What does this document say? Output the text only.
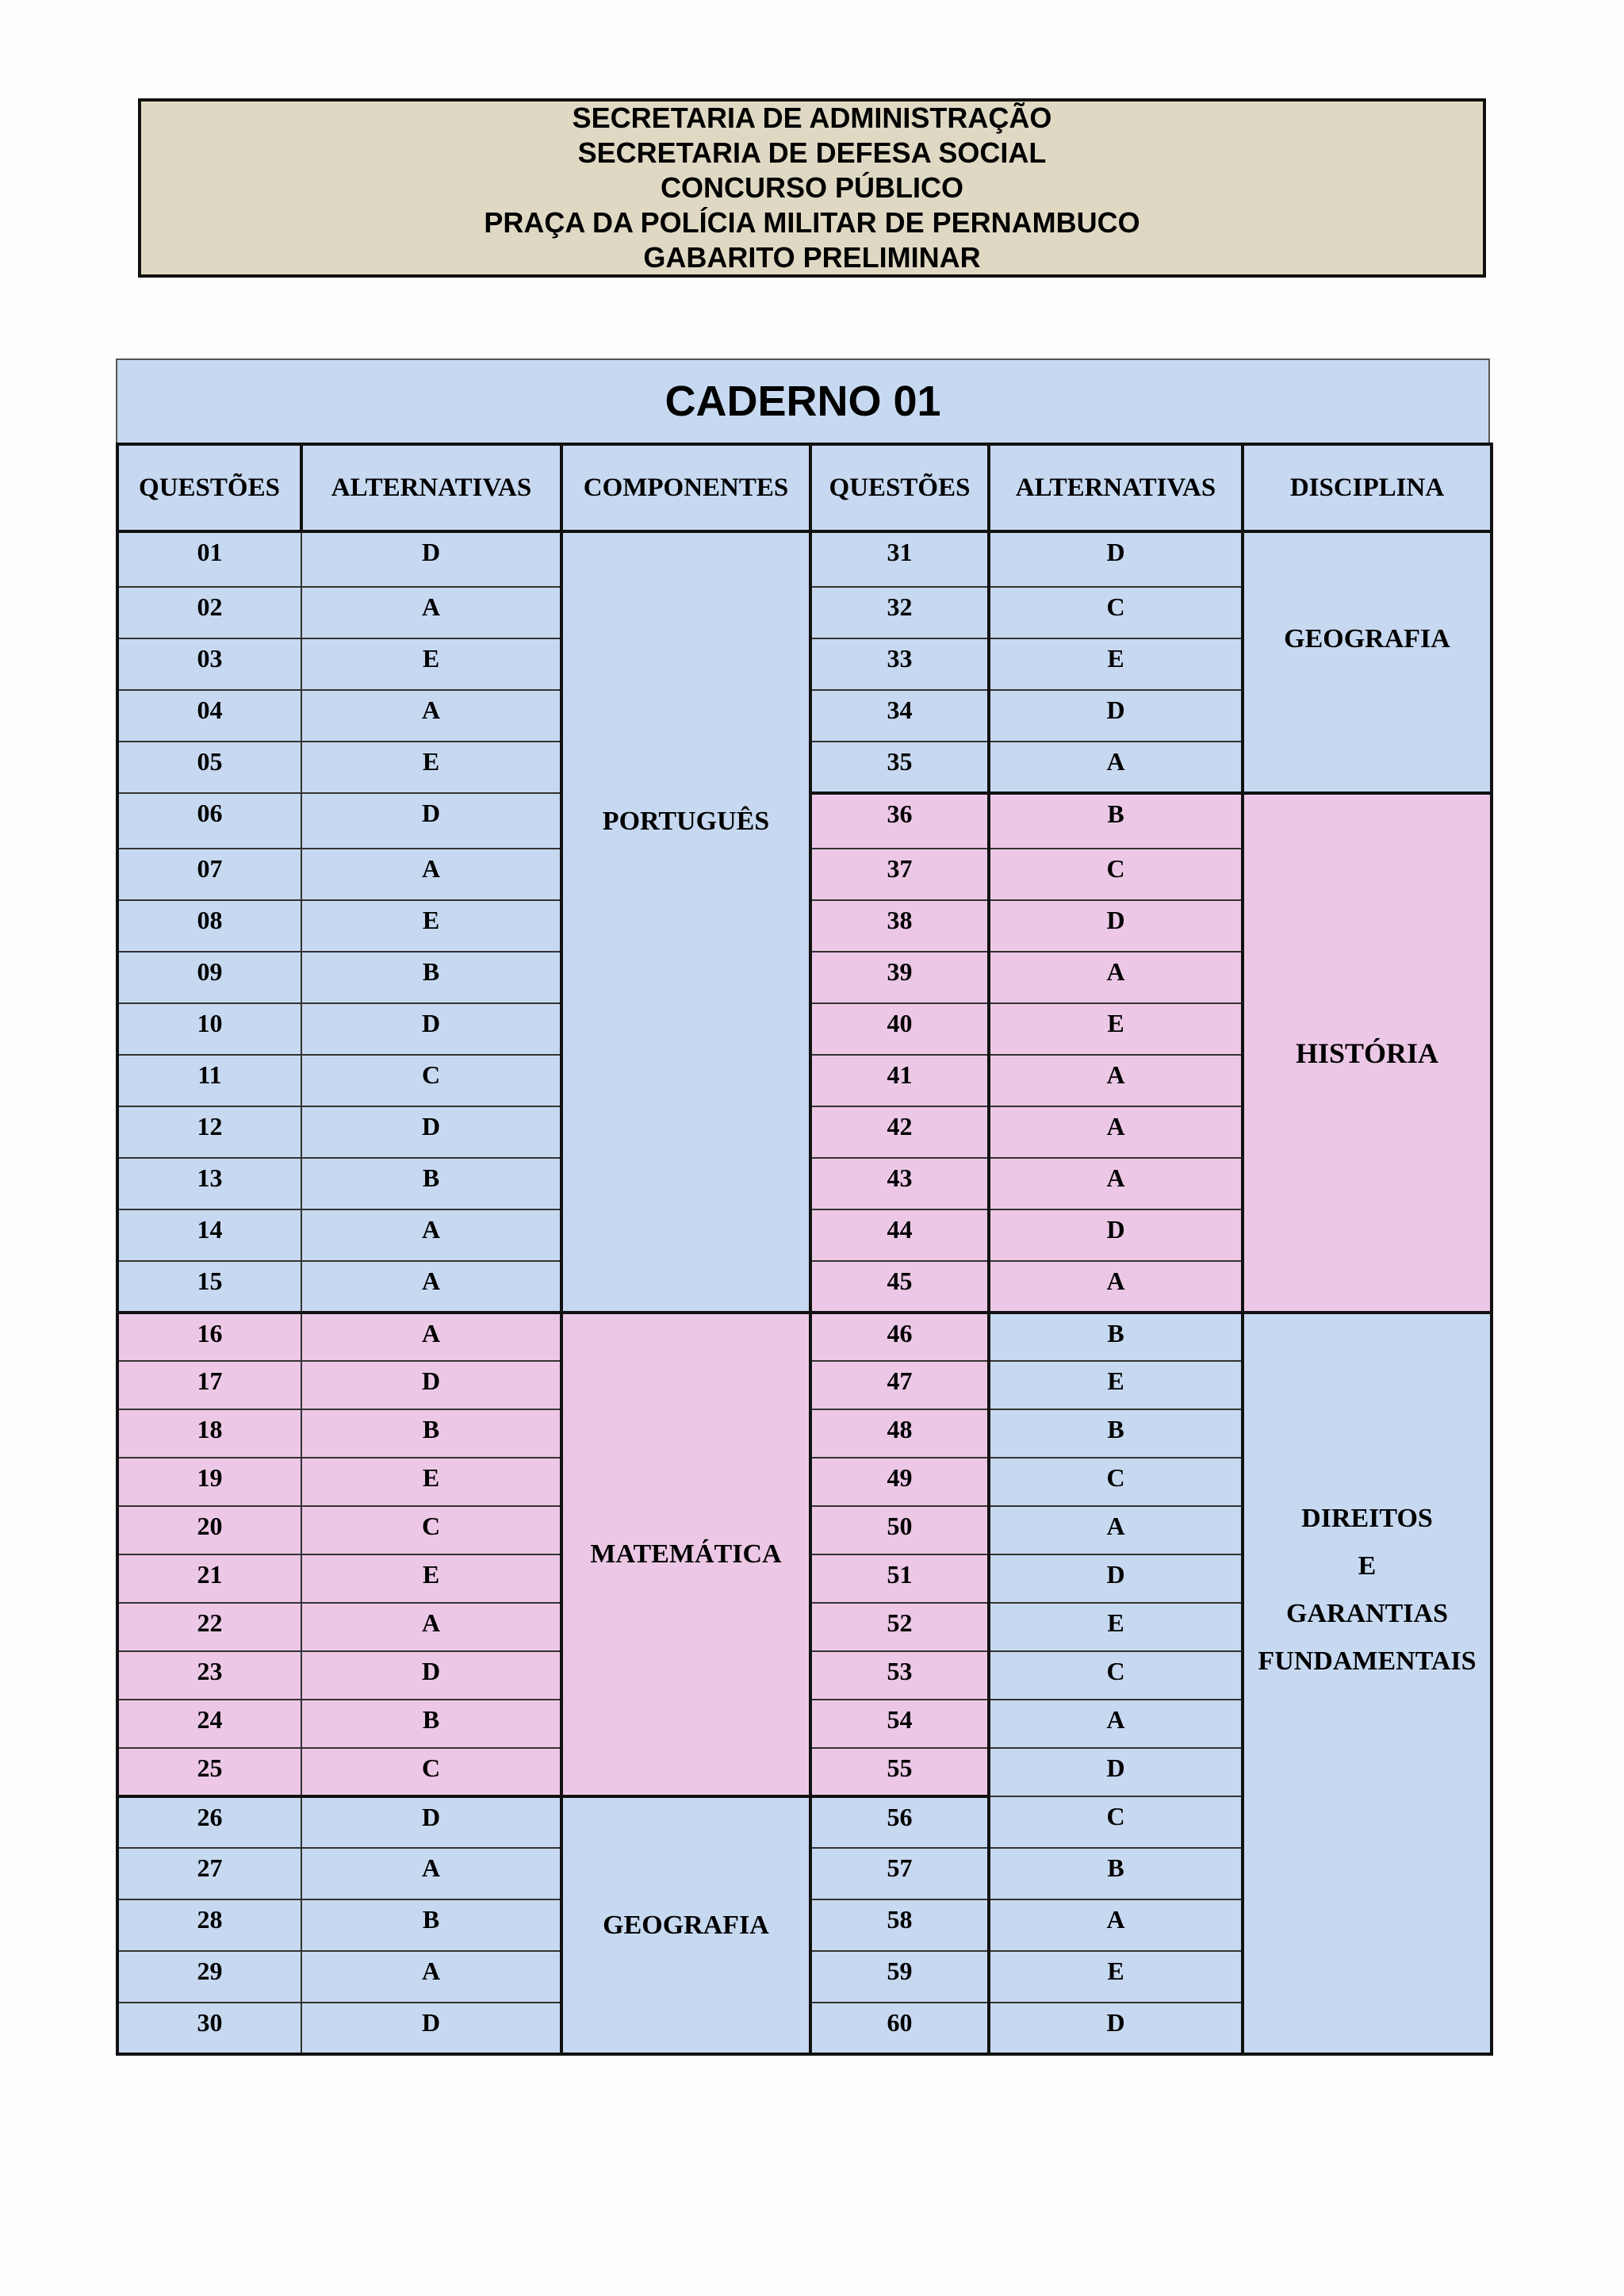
SECRETARIA DE ADMINISTRAÇÃO
SECRETARIA DE DEFESA SOCIAL
CONCURSO PÚBLICO
PRAÇA DA POLÍCIA MILITAR DE PERNAMBUCO
GABARITO PRELIMINAR
CADERNO 01
QUESTÕES	ALTERNATIVAS	COMPONENTES	QUESTÕES	ALTERNATIVAS	DISCIPLINA
01	D	PORTUGUÊS	31	D	GEOGRAFIA
02	A		32	C	
03	E		33	E	
04	A		34	D	
05	E		35	A	
06	D		36	B	HISTÓRIA
07	A		37	C	
08	E		38	D	
09	B		39	A	
10	D		40	E	
11	C		41	A	
12	D		42	A	
13	B		43	A	
14	A		44	D	
15	A		45	A	
16	A	MATEMÁTICA	46	B	DIREITOS
E
GARANTIAS
FUNDAMENTAIS

17	D		47	E	
18	B		48	B	
19	E		49	C	
20	C		50	A	
21	E		51	D	
22	A		52	E	
23	D		53	C	
24	B		54	A	
25	C		55	D	
26	D	GEOGRAFIA	56	C	
27	A		57	B	
28	B		58	A	
29	A		59	E	
30	D		60	D	
